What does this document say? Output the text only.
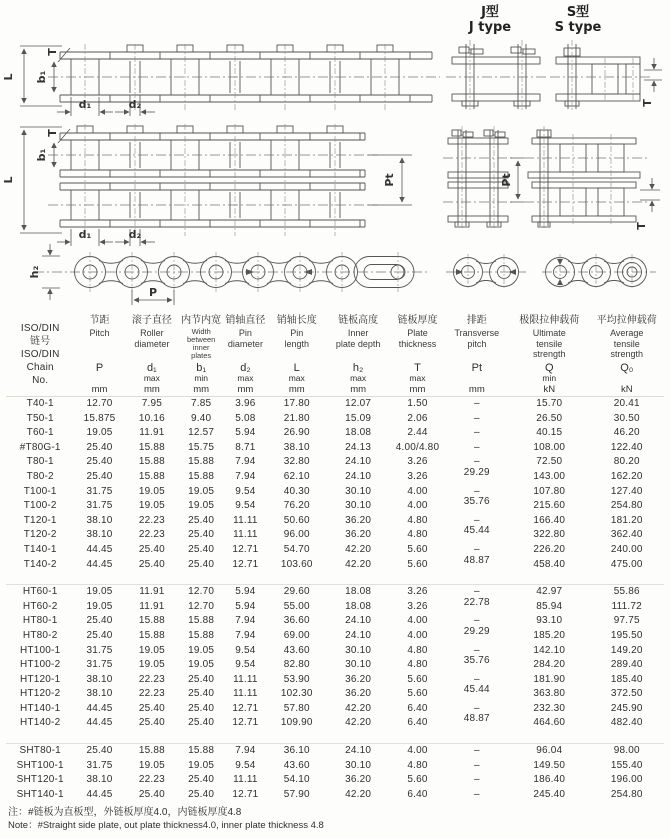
J型
J type
S型
S type
L b₁
T
d₁	d₂	T
L
b₁
T
d₁	d₂
Pt	Pt
T
h₂
P
ISO/DIN
链号
ISO/DIN
Chain
No.

节距
Pitch
P
mm

滚子直径
Roller
diameter
d₁
max
mm

内节内宽
Width
between
inner
plates
b₁
min
mm

销轴直径
Pin
diameter
d₂
max
mm

销轴长度
Pin
length
L
max
mm

链板高度
Inner
plate depth
h₂
max
mm

链板厚度
Plate
thickness
T
max
mm

排距
Transverse
pitch
Pt
mm

极限拉伸载荷
Ultimate
tensile
strength
Q
min
kN

平均拉伸载荷
Average
tensile
strength
Q₀
kN

T40-1	12.70	7.95	7.85	3.96	17.80	12.07	1.50	–	15.70	20.41
T50-1	15.875	10.16	9.40	5.08	21.80	15.09	2.06	–	26.50	30.50
T60-1	19.05	11.91	12.57	5.94	26.90	18.08	2.44	–	40.15	46.20
#T80G-1	25.40	15.88	15.75	8.71	38.10	24.13	4.00/4.80	–	108.00	122.40
T80-1	25.40	15.88	15.88	7.94	32.80	24.10	3.26	–	72.50	80.20
T80-2	25.40	15.88	15.88	7.94	62.10	24.10	3.26	29.29	143.00	162.20
T100-1	31.75	19.05	19.05	9.54	40.30	30.10	4.00	–	107.80	127.40
T100-2	31.75	19.05	19.05	9.54	76.20	30.10	4.00	35.76	215.60	254.80
T120-1	38.10	22.23	25.40	11.11	50.60	36.20	4.80	–	166.40	181.20
T120-2	38.10	22.23	25.40	11.11	96.00	36.20	4.80	45.44	322.80	362.40
T140-1	44.45	25.40	25.40	12.71	54.70	42.20	5.60	–	226.20	240.00
T140-2	44.45	25.40	25.40	12.71	103.60	42.20	5.60	48.87	458.40	475.00

HT60-1	19.05	11.91	12.70	5.94	29.60	18.08	3.26	–	42.97	55.86
HT60-2	19.05	11.91	12.70	5.94	55.00	18.08	3.26	22.78	85.94	111.72
HT80-1	25.40	15.88	15.88	7.94	36.60	24.10	4.00	–	93.10	97.75
HT80-2	25.40	15.88	15.88	7.94	69.00	24.10	4.00	29.29	185.20	195.50
HT100-1	31.75	19.05	19.05	9.54	43.60	30.10	4.80	–	142.10	149.20
HT100-2	31.75	19.05	19.05	9.54	82.80	30.10	4.80	35.76	284.20	289.40
HT120-1	38.10	22.23	25.40	11.11	53.90	36.20	5.60	–	181.90	185.40
HT120-2	38.10	22.23	25.40	11.11	102.30	36.20	5.60	45.44	363.80	372.50
HT140-1	44.45	25.40	25.40	12.71	57.80	42.20	6.40	–	232.30	245.90
HT140-2	44.45	25.40	25.40	12.71	109.90	42.20	6.40	48.87	464.60	482.40

SHT80-1	25.40	15.88	15.88	7.94	36.10	24.10	4.00	–	96.04	98.00
SHT100-1	31.75	19.05	19.05	9.54	43.60	30.10	4.80	–	149.50	155.40
SHT120-1	38.10	22.23	25.40	11.11	54.10	36.20	5.60	–	186.40	196.00
SHT140-1	44.45	25.40	25.40	12.71	57.90	42.20	6.40	–	245.40	254.80
注：#链板为直板型，外链板厚度4.0，内链板厚度4.8
Note：#Straight side plate, out plate thickness4.0, inner plate thickness 4.8
